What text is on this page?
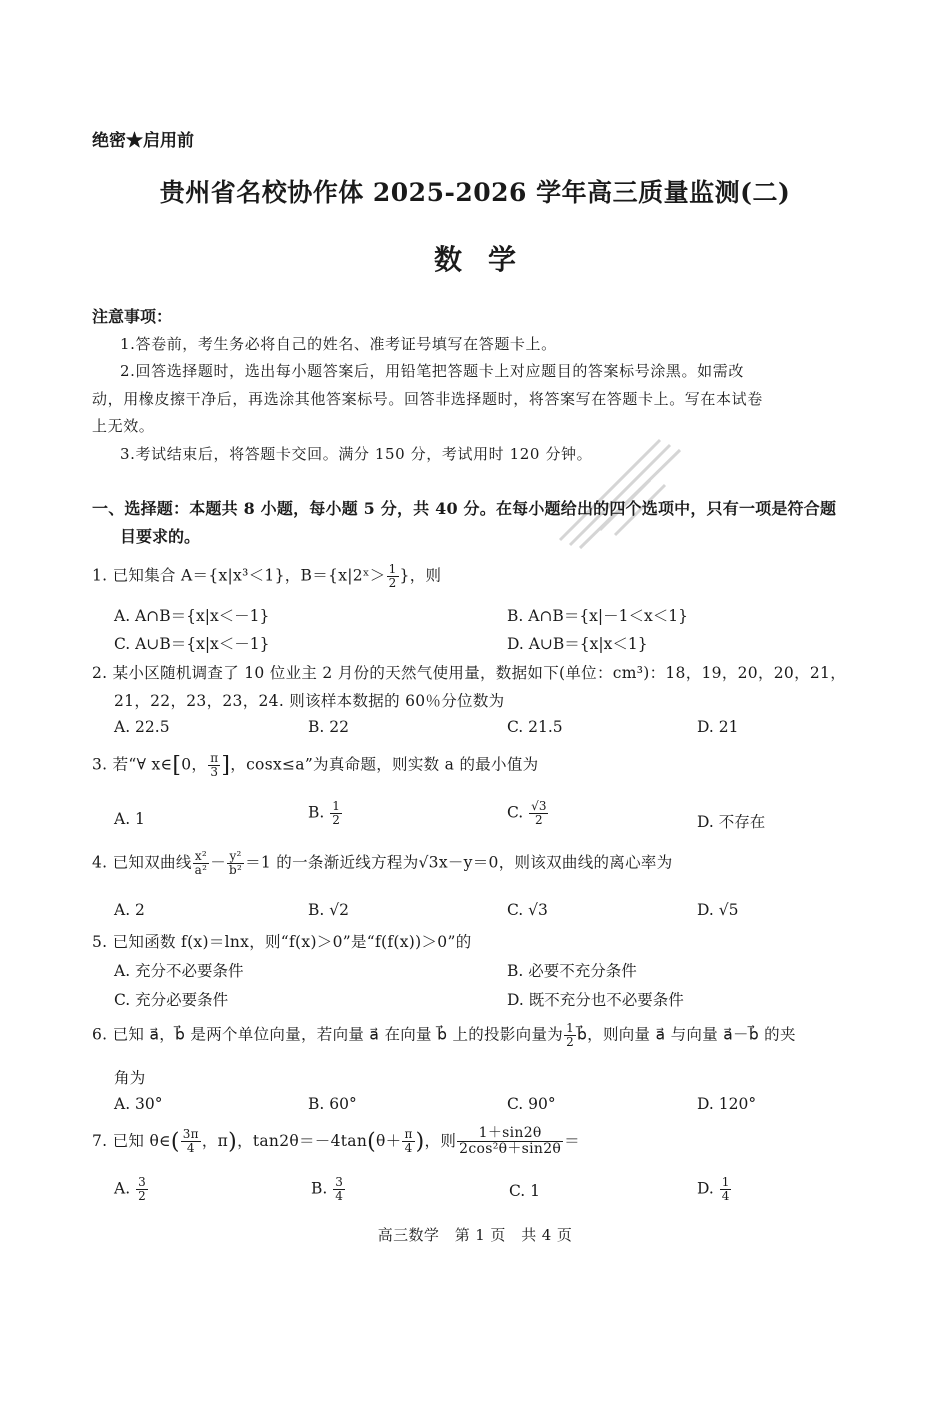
绝密★启用前
贵州省名校协作体 2025-2026 学年高三质量监测(二)
数学
注意事项：
1.答卷前，考生务必将自己的姓名、准考证号填写在答题卡上。
2.回答选择题时，选出每小题答案后，用铅笔把答题卡上对应题目的答案标号涂黑。如需改
动，用橡皮擦干净后，再选涂其他答案标号。回答非选择题时，将答案写在答题卡上。写在本试卷
上无效。
3.考试结束后，将答题卡交回。满分 150 分，考试用时 120 分钟。
一、选择题：本题共 8 小题，每小题 5 分，共 40 分。在每小题给出的四个选项中，只有一项是符合题
目要求的。
1. 已知集合 A＝{x|x³＜1}，B＝{x|2ˣ＞ $\frac{1}{2}$ }，则
A. A∩B＝{x|x＜－1}	B. A∩B＝{x|－1＜x＜1}
C. A∪B＝{x|x＜－1}	D. A∪B＝{x|x＜1}
2. 某小区随机调查了 10 位业主 2 月份的天然气使用量，数据如下(单位：cm³)：18，19，20，20，21，
21，22，23，23，24. 则该样本数据的 60％分位数为
A. 22.5	B. 22	C. 21.5	D. 21
3. 若“∀ x∈[0， $\frac{\pi}{3}$ ]，cosx≤a”为真命题，则实数 a 的最小值为
A. 1	B. $\frac{1}{2}$	C. $\frac{√3}{2}$	D. 不存在
4. 已知双曲线 $\frac{\text{x²}}{\text{a²}} - \frac{\text{y²}}{\text{b²}} =1$ 的一条渐近线方程为√3x－y＝0，则该双曲线的离心率为
A. 2	B. √2	C. √3	D. √5
5. 已知函数 f(x)＝lnx，则“f(x)＞0”是“f(f(x))＞0”的
A. 充分不必要条件	B. 必要不充分条件
C. 充分必要条件	D. 既不充分也不必要条件
6. 已知 a⃗，b⃗ 是两个单位向量，若向量 a⃗ 在向量 b⃗ 上的投影向量为 $\frac{1}{2}$ b⃗，则向量 a⃗ 与向量 a⃗－b⃗ 的夹
角为
A. 30°	B. 60°	C. 90°	D. 120°
7. 已知 θ∈( $\frac{3\pi}{4}$ ，π)，$\tan 2\theta=-4\tan(\theta+ \frac{\pi}{4}$ )，则 $\frac{1+\sin 2\theta}{\text{2cos²θ＋sin2θ}}$ ＝
A. $\frac{3}{2}$	B. $\frac{3}{4}$	C. 1	D. $\frac{1}{4}$
高三数学　第 1 页　共 4 页
